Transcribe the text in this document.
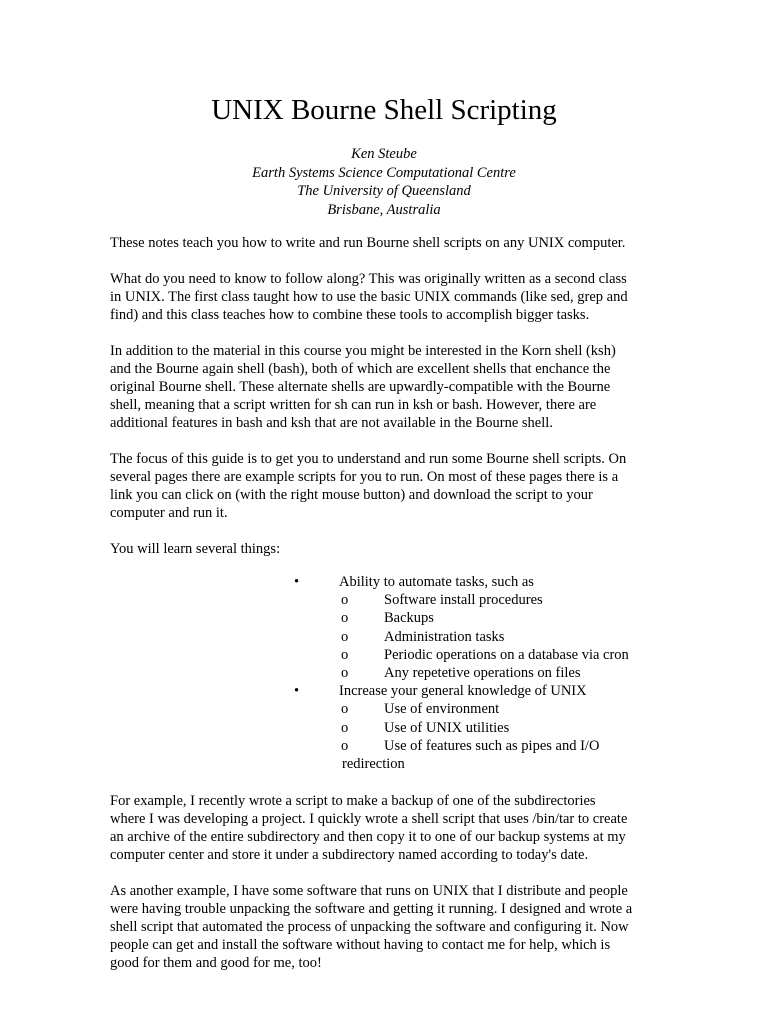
UNIX Bourne Shell Scripting
Ken Steube
Earth Systems Science Computational Centre
The University of Queensland
Brisbane, Australia

These notes teach you how to write and run Bourne shell scripts on any UNIX computer.

What do you need to know to follow along? This was originally written as a second class
in UNIX. The first class taught how to use the basic UNIX commands (like sed, grep and
find) and this class teaches how to combine these tools to accomplish bigger tasks.

In addition to the material in this course you might be interested in the Korn shell (ksh)
and the Bourne again shell (bash), both of which are excellent shells that enchance the
original Bourne shell. These alternate shells are upwardly-compatible with the Bourne
shell, meaning that a script written for sh can run in ksh or bash. However, there are
additional features in bash and ksh that are not available in the Bourne shell.

The focus of this guide is to get you to understand and run some Bourne shell scripts. On
several pages there are example scripts for you to run. On most of these pages there is a
link you can click on (with the right mouse button) and download the script to your
computer and run it.

You will learn several things:

•	Ability to automate tasks, such as
o Software install procedures
o Backups
o Administration tasks
o Periodic operations on a database via cron
o Any repetetive operations on files
•	Increase your general knowledge of UNIX
o Use of environment
o Use of UNIX utilities
o Use of features such as pipes and I/O
redirection

For example, I recently wrote a script to make a backup of one of the subdirectories
where I was developing a project. I quickly wrote a shell script that uses /bin/tar to create
an archive of the entire subdirectory and then copy it to one of our backup systems at my
computer center and store it under a subdirectory named according to today's date.

As another example, I have some software that runs on UNIX that I distribute and people
were having trouble unpacking the software and getting it running. I designed and wrote a
shell script that automated the process of unpacking the software and configuring it. Now
people can get and install the software without having to contact me for help, which is
good for them and good for me, too!
